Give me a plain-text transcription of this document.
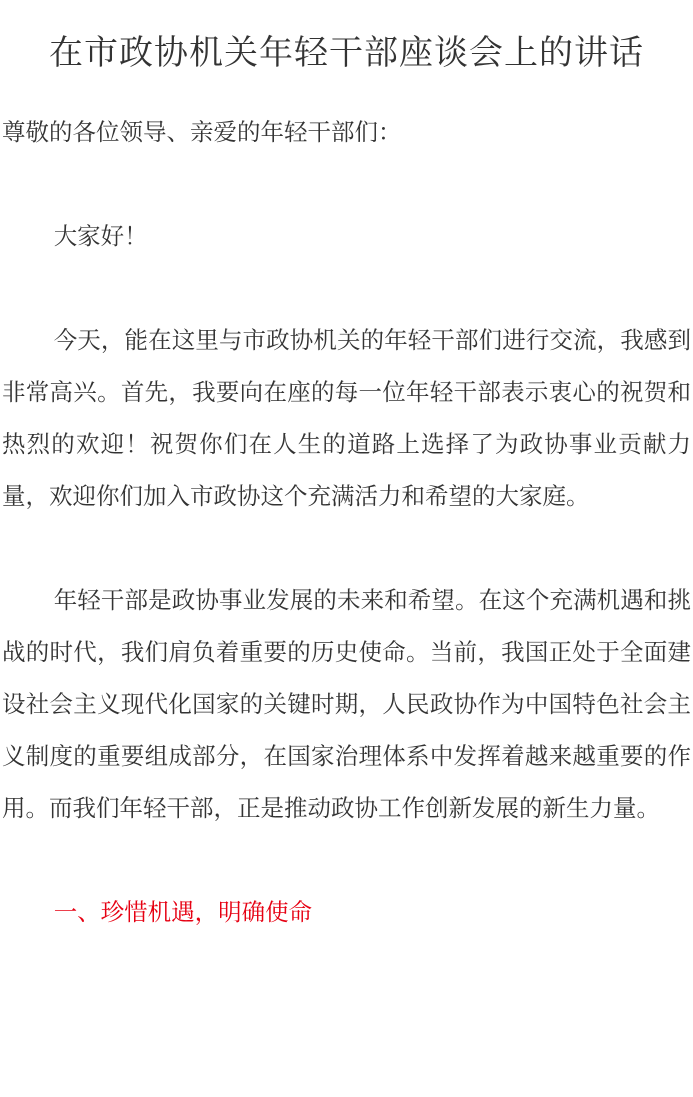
在市政协机关年轻干部座谈会上的讲话

尊敬的各位领导、亲爱的年轻干部们：

大家好！

今天，能在这里与市政协机关的年轻干部们进行交流，我感到非常高兴。首先，我要向在座的每一位年轻干部表示衷心的祝贺和热烈的欢迎！祝贺你们在人生的道路上选择了为政协事业贡献力量，欢迎你们加入市政协这个充满活力和希望的大家庭。

年轻干部是政协事业发展的未来和希望。在这个充满机遇和挑战的时代，我们肩负着重要的历史使命。当前，我国正处于全面建设社会主义现代化国家的关键时期，人民政协作为中国特色社会主义制度的重要组成部分，在国家治理体系中发挥着越来越重要的作用。而我们年轻干部，正是推动政协工作创新发展的新生力量。

一、珍惜机遇，明确使命
